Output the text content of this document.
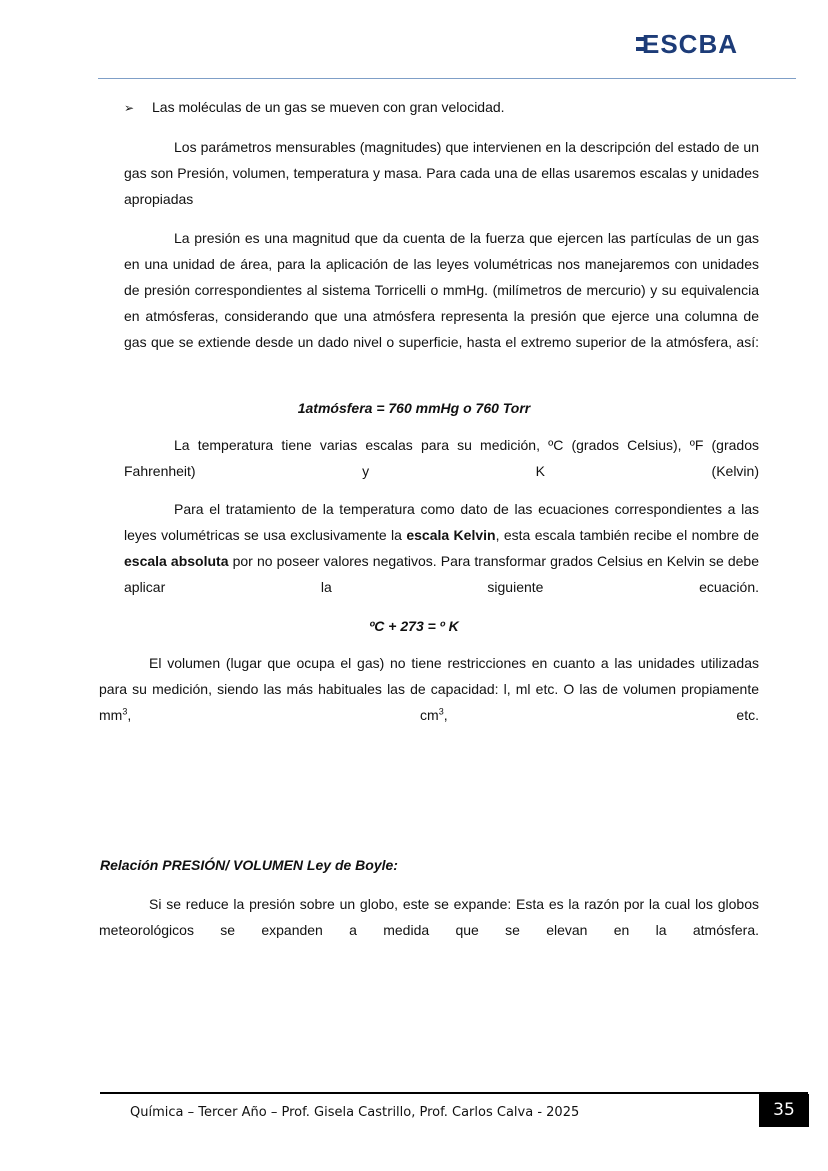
ESCBA
➢ Las moléculas de un gas se mueven con gran velocidad.

Los parámetros mensurables (magnitudes) que intervienen en la descripción del estado de un gas son Presión, volumen, temperatura y masa. Para cada una de ellas usaremos escalas y unidades apropiadas

La presión es una magnitud que da cuenta de la fuerza que ejercen las partículas de un gas en una unidad de área, para la aplicación de las leyes volumétricas nos manejaremos con unidades de presión correspondientes al sistema Torricelli o mmHg. (milímetros de mercurio) y su equivalencia en atmósferas, considerando que una atmósfera representa la presión que ejerce una columna de gas que se extiende desde un dado nivel o superficie, hasta el extremo superior de la atmósfera, así:

1atmósfera = 760 mmHg o 760 Torr

La temperatura tiene varias escalas para su medición, ºC (grados Celsius), ºF (grados Fahrenheit) y K (Kelvin)

Para el tratamiento de la temperatura como dato de las ecuaciones correspondientes a las leyes volumétricas se usa exclusivamente la escala Kelvin, esta escala también recibe el nombre de escala absoluta por no poseer valores negativos. Para transformar grados Celsius en Kelvin se debe aplicar la siguiente ecuación.

ºC + 273 = º K

El volumen (lugar que ocupa el gas) no tiene restricciones en cuanto a las unidades utilizadas para su medición, siendo las más habituales las de capacidad: l, ml etc. O las de volumen propiamente $mm^3$, $cm^3$, etc.

Relación PRESIÓN/ VOLUMEN Ley de Boyle:

Si se reduce la presión sobre un globo, este se expande: Esta es la razón por la cual los globos meteorológicos se expanden a medida que se elevan en la atmósfera.

Química – Tercer Año – Prof. Gisela Castrillo, Prof. Carlos Calva - 2025	35
